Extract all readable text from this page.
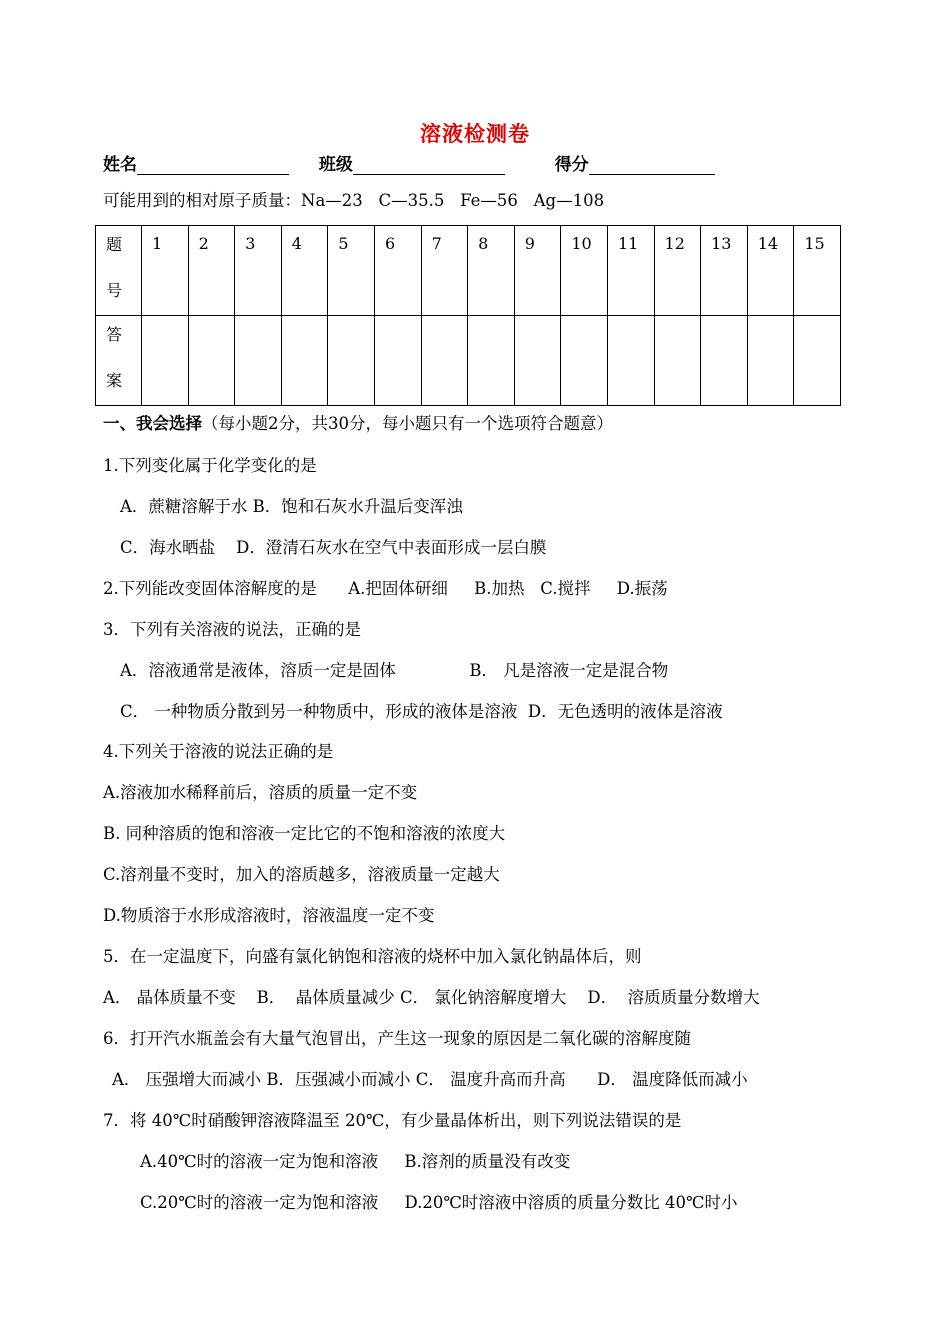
溶液检测卷
姓名	班级	得分
可能用到的相对原子质量：Na—23   C—35.5   Fe—56   Ag—108
题
号	1	2	3	4	5	6	7	8	9	10	11	12	13	14	15

答
案															

一、我会选择（每小题2分，共30分，每小题只有一个选项符合题意）
1.下列变化属于化学变化的是
A．蔗糖溶解于水 B．饱和石灰水升温后变浑浊
C．海水晒盐    D．澄清石灰水在空气中表面形成一层白膜
2.下列能改变固体溶解度的是      A.把固体研细     B.加热   C.搅拌     D.振荡
3．下列有关溶液的说法，正确的是
A．溶液通常是液体，溶质一定是固体              B． 凡是溶液一定是混合物
C． 一种物质分散到另一种物质中，形成的液体是溶液  D．无色透明的液体是溶液
4.下列关于溶液的说法正确的是
A.溶液加水稀释前后，溶质的质量一定不变
B. 同种溶质的饱和溶液一定比它的不饱和溶液的浓度大
C.溶剂量不变时，加入的溶质越多，溶液质量一定越大
D.物质溶于水形成溶液时，溶液温度一定不变
5．在一定温度下，向盛有氯化钠饱和溶液的烧杯中加入氯化钠晶体后，则
A． 晶体质量不变    B．  晶体质量减少 C． 氯化钠溶解度增大    D．  溶质质量分数增大
6．打开汽水瓶盖会有大量气泡冒出，产生这一现象的原因是二氧化碳的溶解度随
A． 压强增大而减小 B．压强减小而减小 C． 温度升高而升高      D． 温度降低而减小
7．将 40℃时硝酸钾溶液降温至 20℃，有少量晶体析出，则下列说法错误的是
A.40℃时的溶液一定为饱和溶液     B.溶剂的质量没有改变
C.20℃时的溶液一定为饱和溶液     D.20℃时溶液中溶质的质量分数比 40℃时小
